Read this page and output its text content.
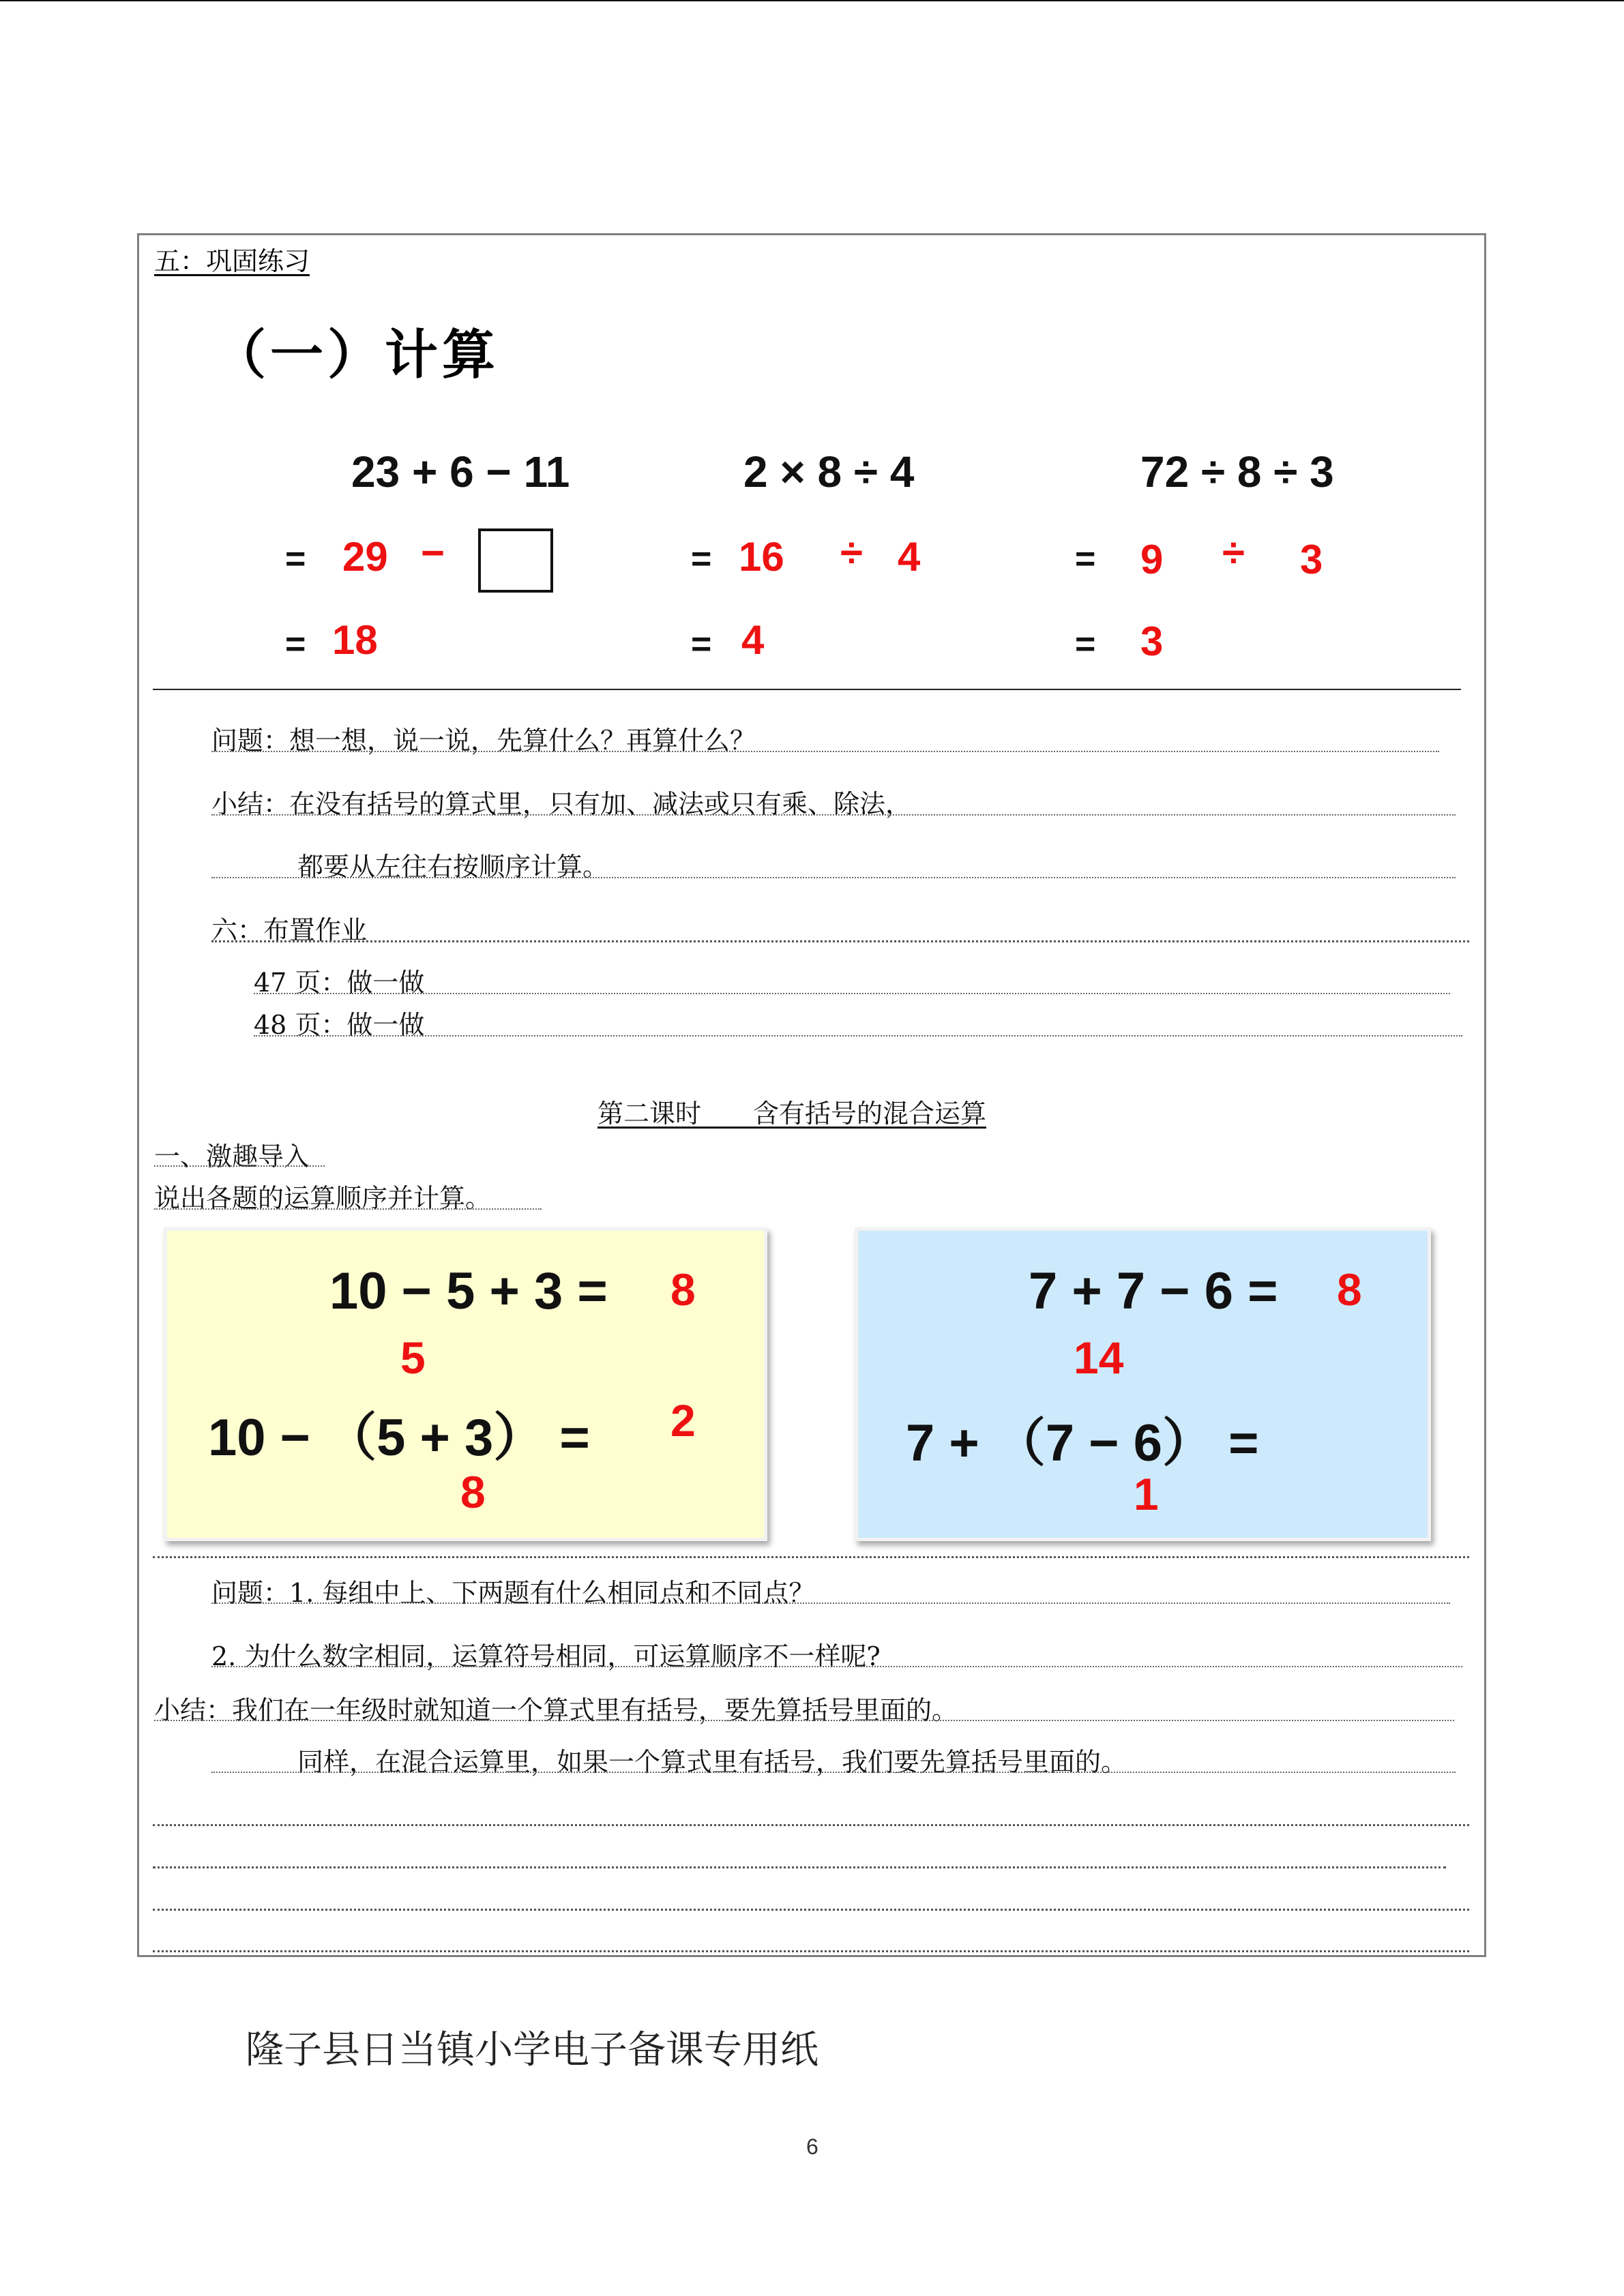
五：巩固练习
（一）计算
23 + 6 − 11
= 29 −
= 18
2 × 8 ÷ 4
= 16 ÷ 4
= 4
72 ÷ 8 ÷ 3
= 9 ÷ 3
= 3
问题：想一想，说一说，先算什么？再算什么？
小结：在没有括号的算式里，只有加、减法或只有乘、除法，
都要从左往右按顺序计算。
六：布置作业
47 页：做一做
48 页：做一做
第二课时　　含有括号的混合运算
一、激趣导入
说出各题的运算顺序并计算。
10 − 5 + 3 = 8
5
10 − （5 + 3） = 2
8
7 + 7 − 6 = 8
14
7 + （7 − 6） =
1
问题：1. 每组中上、下两题有什么相同点和不同点？
2. 为什么数字相同，运算符号相同，可运算顺序不一样呢?
小结：我们在一年级时就知道一个算式里有括号，要先算括号里面的。
同样，在混合运算里，如果一个算式里有括号，我们要先算括号里面的。
隆子县日当镇小学电子备课专用纸
6
